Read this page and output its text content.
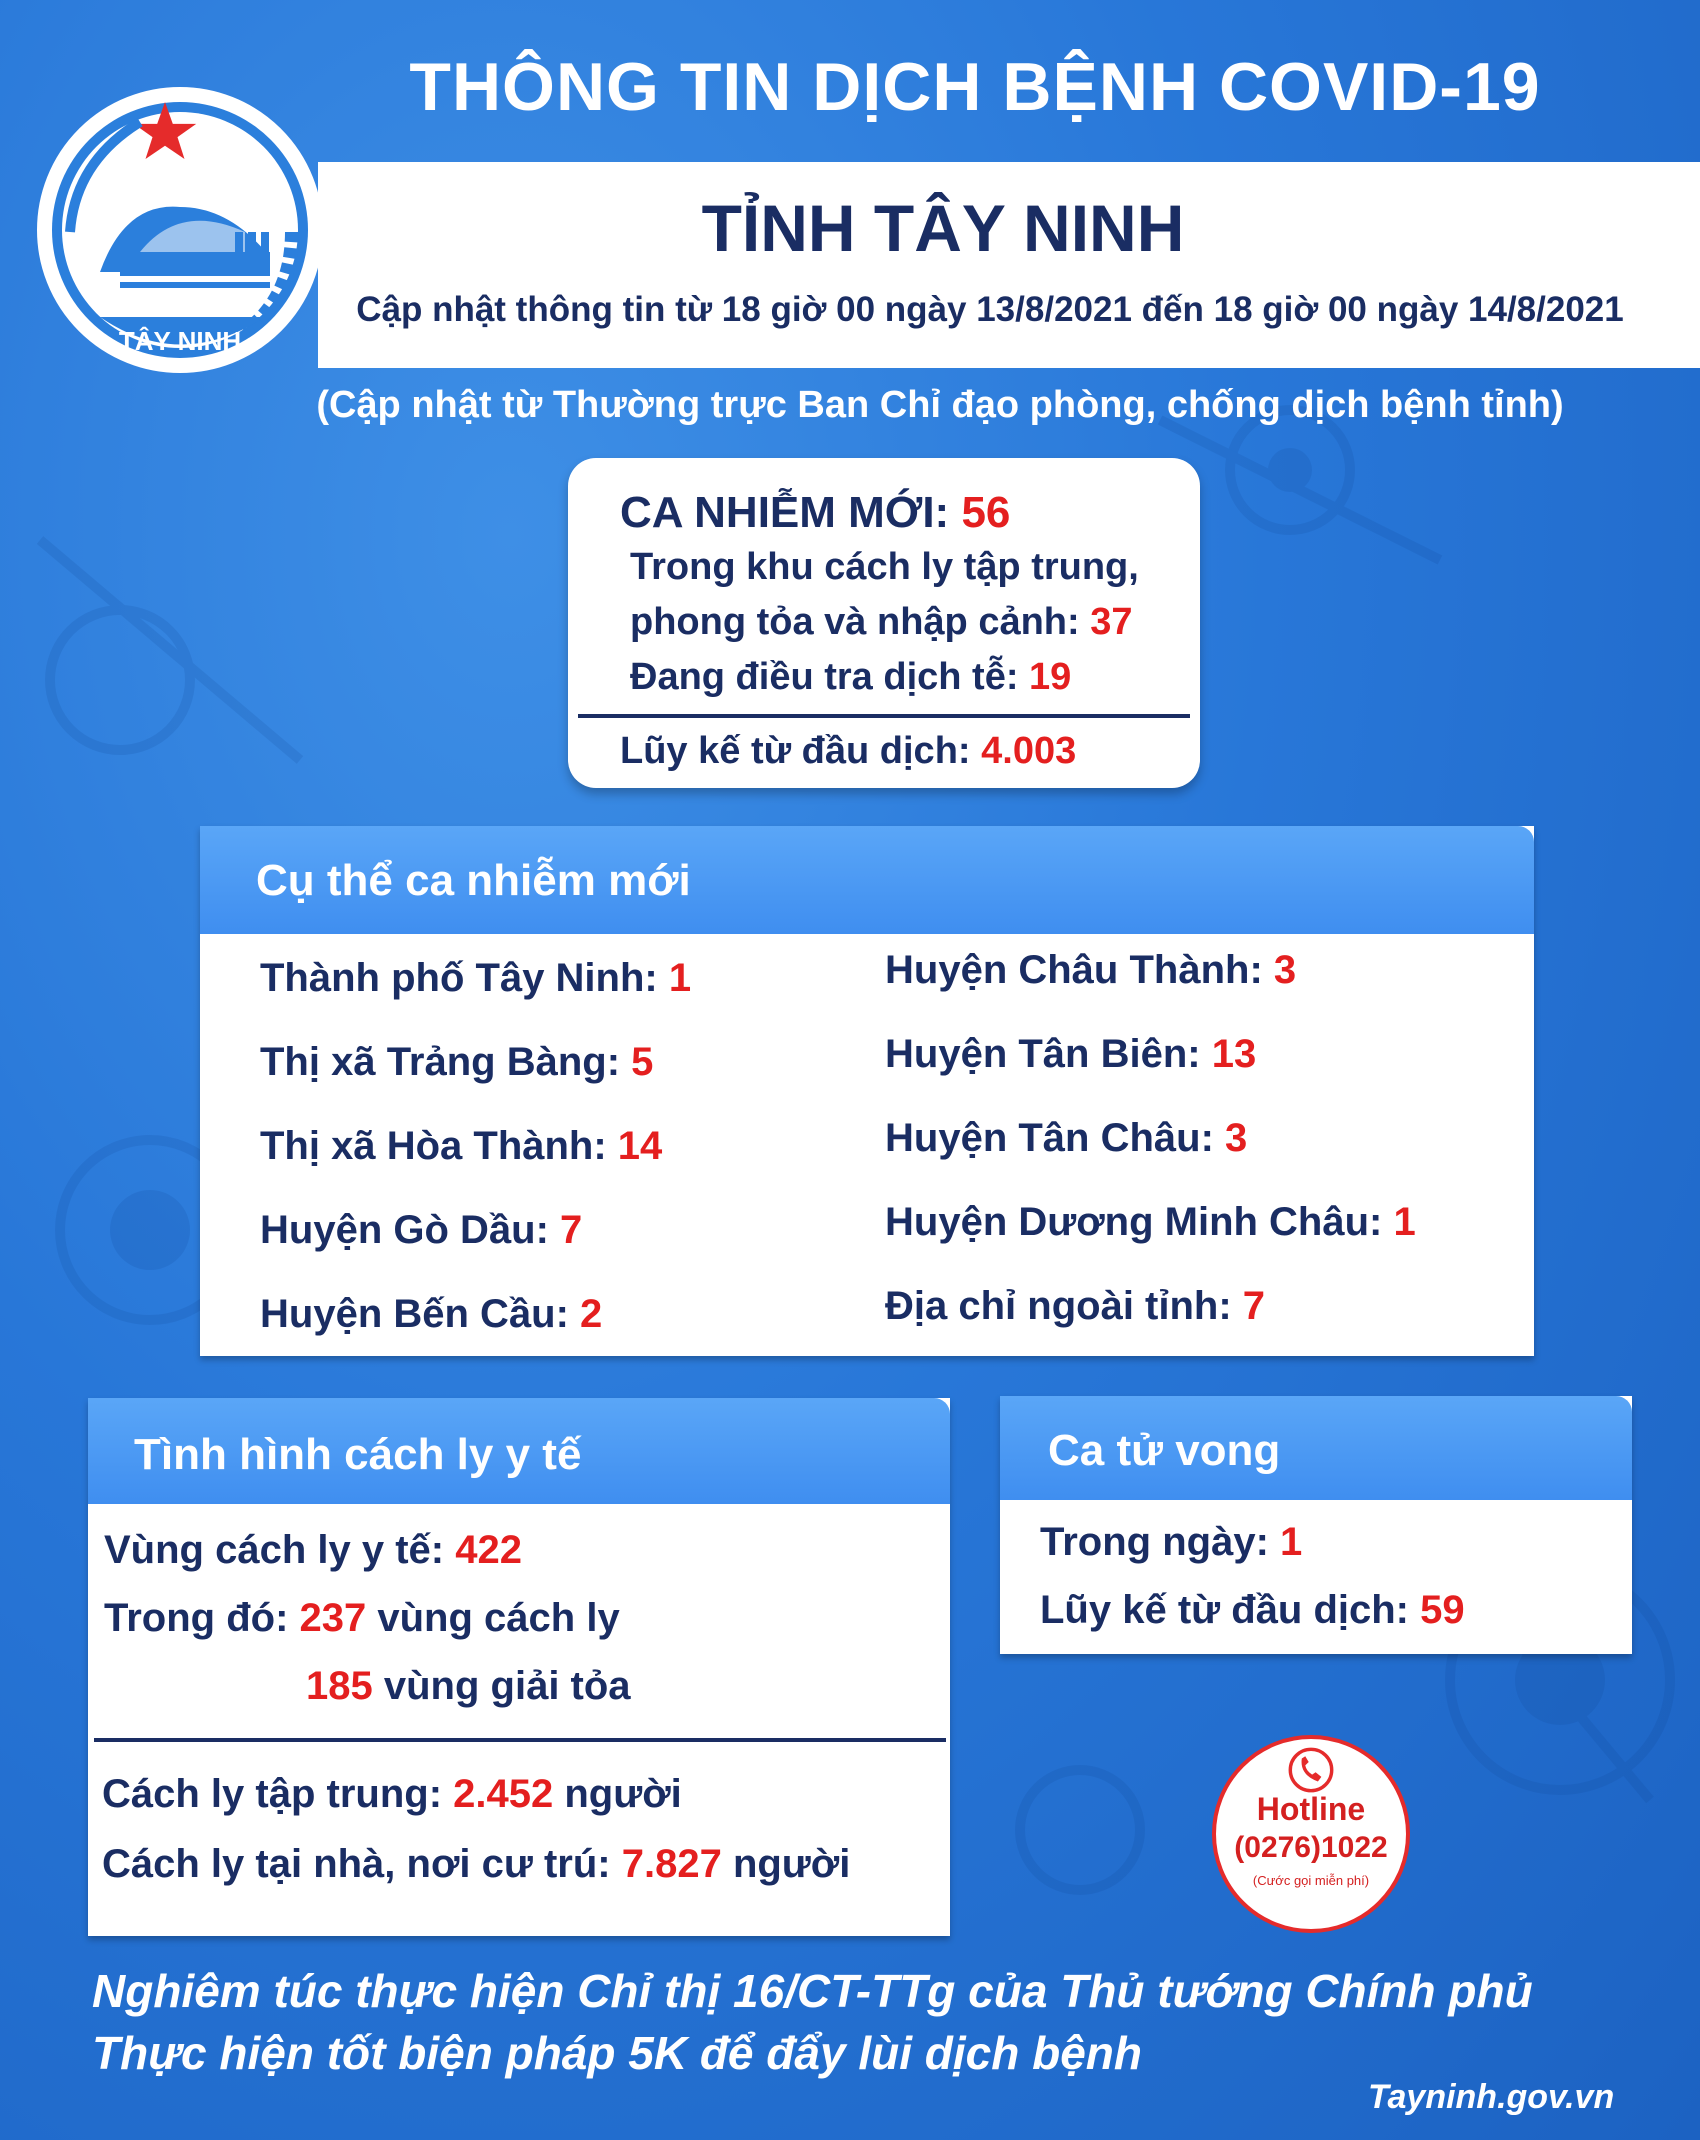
TÂY NINH
THÔNG TIN DỊCH BỆNH COVID-19
TỈNH TÂY NINH
Cập nhật thông tin từ 18 giờ 00 ngày 13/8/2021 đến 18 giờ 00 ngày 14/8/2021
(Cập nhật từ Thường trực Ban Chỉ đạo phòng, chống dịch bệnh tỉnh)
CA NHIỄM MỚI: 56
Trong khu cách ly tập trung,
phong tỏa và nhập cảnh: 37
Đang điều tra dịch tễ: 19
Lũy kế từ đầu dịch: 4.003
Cụ thể ca nhiễm mới
Thành phố Tây Ninh: 1
Thị xã Trảng Bàng: 5
Thị xã Hòa Thành: 14
Huyện Gò Dầu: 7
Huyện Bến Cầu: 2
Huyện Châu Thành: 3
Huyện Tân Biên: 13
Huyện Tân Châu: 3
Huyện Dương Minh Châu: 1
Địa chỉ ngoài tỉnh: 7
Tình hình cách ly y tế
Vùng cách ly y tế: 422
Trong đó: 237 vùng cách ly
185 vùng giải tỏa
Cách ly tập trung: 2.452 người
Cách ly tại nhà, nơi cư trú: 7.827 người
Ca tử vong
Trong ngày: 1
Lũy kế từ đầu dịch: 59
Hotline
(0276)1022
(Cước gọi miễn phí)
Nghiêm túc thực hiện Chỉ thị 16/CT-TTg của Thủ tướng Chính phủ
Thực hiện tốt biện pháp 5K để đẩy lùi dịch bệnh
Tayninh.gov.vn
